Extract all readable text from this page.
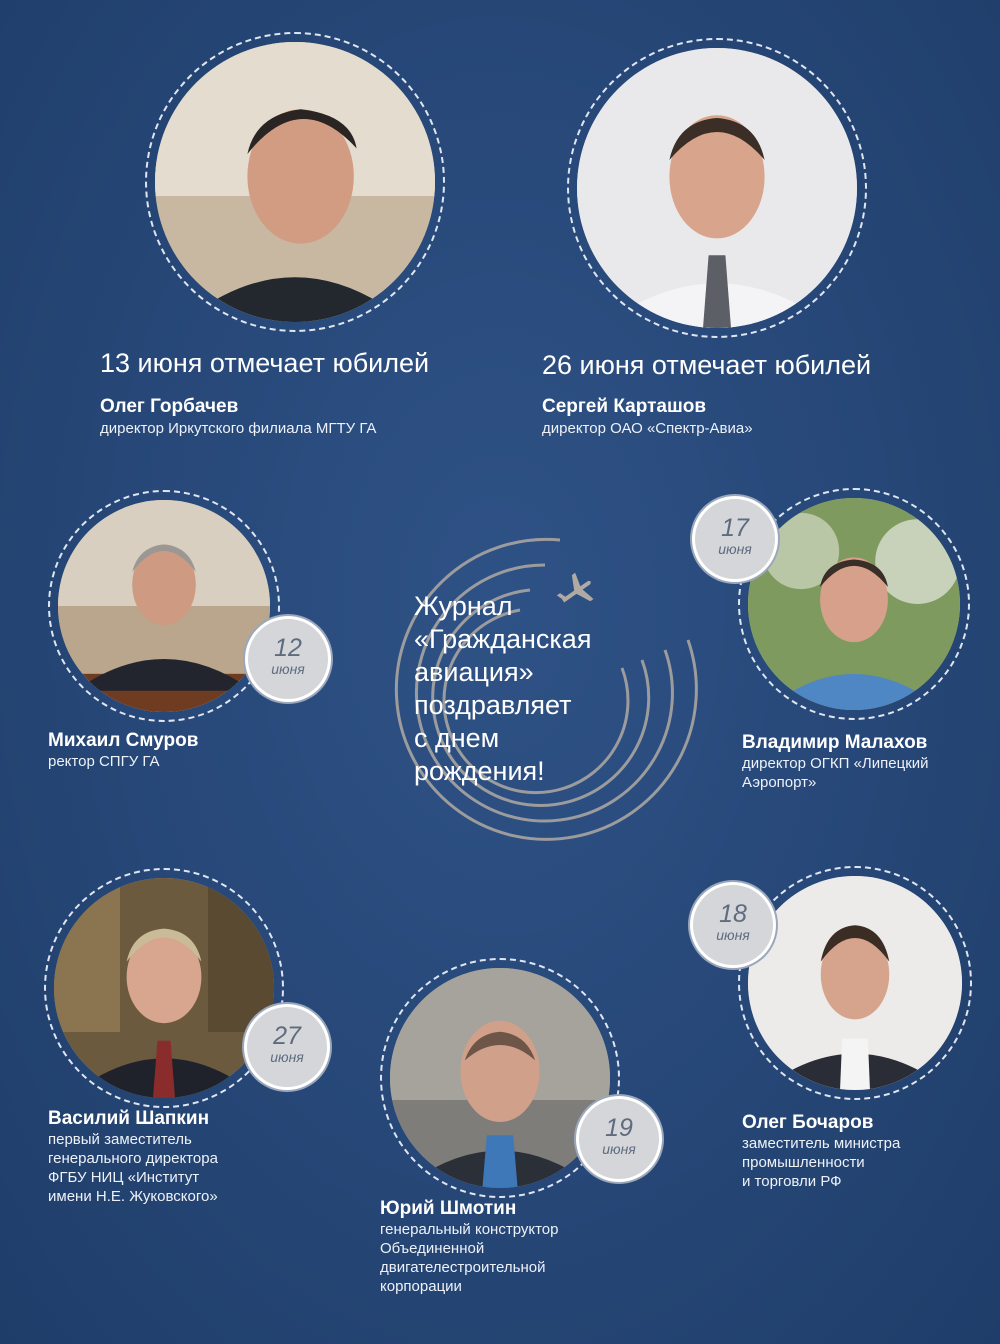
13 июня отмечает юбилей
Олег Горбачев
директор Иркутского филиала МГТУ ГА
26 июня отмечает юбилей
Сергей Карташов
директор ОАО «Спектр-Авиа»
12
июня
Михаил Смуров
ректор СПГУ ГА
17
июня
Владимир Малахов
директор ОГКП «Липецкий
Аэропорт»
Журнал
«Гражданская
авиация»
поздравляет
с днем
рождения!
27
июня
Василий Шапкин
первый заместитель
генерального директора
ФГБУ НИЦ «Институт
имени Н.Е. Жуковского»
19
июня
Юрий Шмотин
генеральный конструктор
Объединенной
двигателестроительной
корпорации
18
июня
Олег Бочаров
заместитель министра
промышленности
и торговли РФ
